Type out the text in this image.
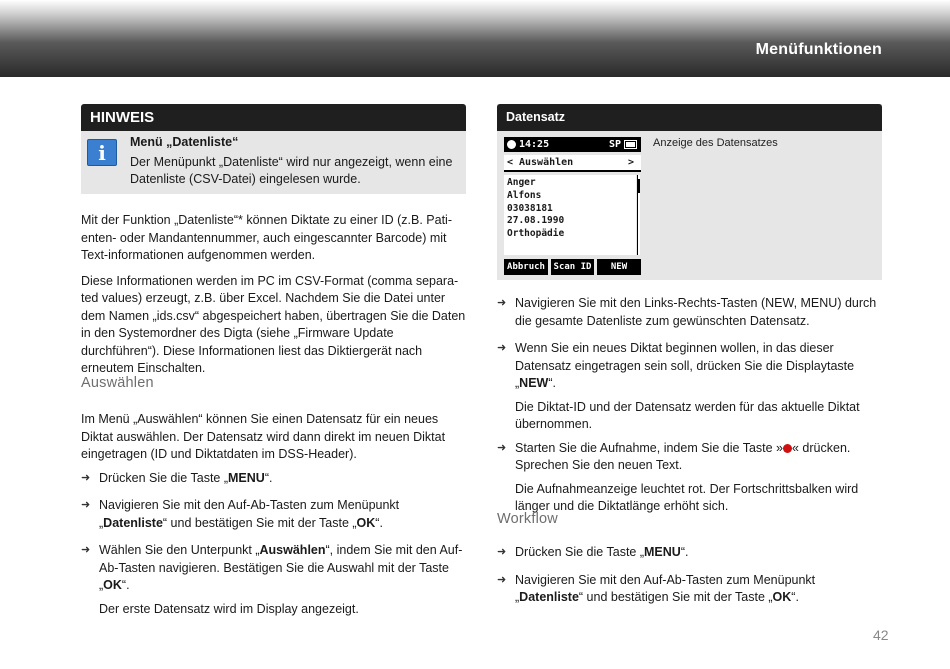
Menüfunktionen
HINWEIS
i	Menü „Datenliste“
Der Menüpunkt „Datenliste“ wird nur angezeigt, wenn eine Datenliste (CSV-Datei) eingelesen wurde.

Mit der Funktion „Datenliste“* können Diktate zu einer ID (z.B. Pati-enten- oder Mandantennummer, auch eingescannter Barcode) mit Text-informationen aufgenommen werden.

Diese Informationen werden im PC im CSV-Format (comma separa-ted values) erzeugt, z.B. über Excel. Nachdem Sie die Datei unter dem Namen „ids.csv“ abgespeichert haben, übertragen Sie die Daten in den Systemordner des Digta (siehe „Firmware Update durchführen“). Diese Informationen liest das Diktiergerät nach erneutem Einschalten.

Auswählen

Im Menü „Auswählen“ können Sie einen Datensatz für ein neues Diktat auswählen. Der Datensatz wird dann direkt im neuen Diktat eingetragen (ID und Diktatdaten im DSS-Header).

➜ Drücken Sie die Taste „MENU“.
➜ Navigieren Sie mit den Auf-Ab-Tasten zum Menüpunkt „Datenliste“ und bestätigen Sie mit der Taste „OK“.
➜ Wählen Sie den Unterpunkt „Auswählen“, indem Sie mit den Auf-Ab-Tasten navigieren. Bestätigen Sie die Auswahl mit der Taste „OK“.
Der erste Datensatz wird im Display angezeigt.
Datensatz
Anzeige des Datensatzes
14:25	SP
< Auswählen	>
Anger
Alfons
03038181
27.08.1990
Orthopädie
Abbruch Scan ID	NEW
➜ Navigieren Sie mit den Links-Rechts-Tasten (NEW, MENU) durch die gesamte Datenliste zum gewünschten Datensatz.
➜ Wenn Sie ein neues Diktat beginnen wollen, in das dieser Datensatz eingetragen sein soll, drücken Sie die Displaytaste „NEW“.
Die Diktat-ID und der Datensatz werden für das aktuelle Diktat übernommen.
➜ Starten Sie die Aufnahme, indem Sie die Taste » « drücken. Sprechen Sie den neuen Text.
Die Aufnahmeanzeige leuchtet rot. Der Fortschrittsbalken wird länger und die Diktatlänge erhöht sich.
Workflow
➜ Drücken Sie die Taste „MENU“.
➜ Navigieren Sie mit den Auf-Ab-Tasten zum Menüpunkt „Datenliste“ und bestätigen Sie mit der Taste „OK“.
42
